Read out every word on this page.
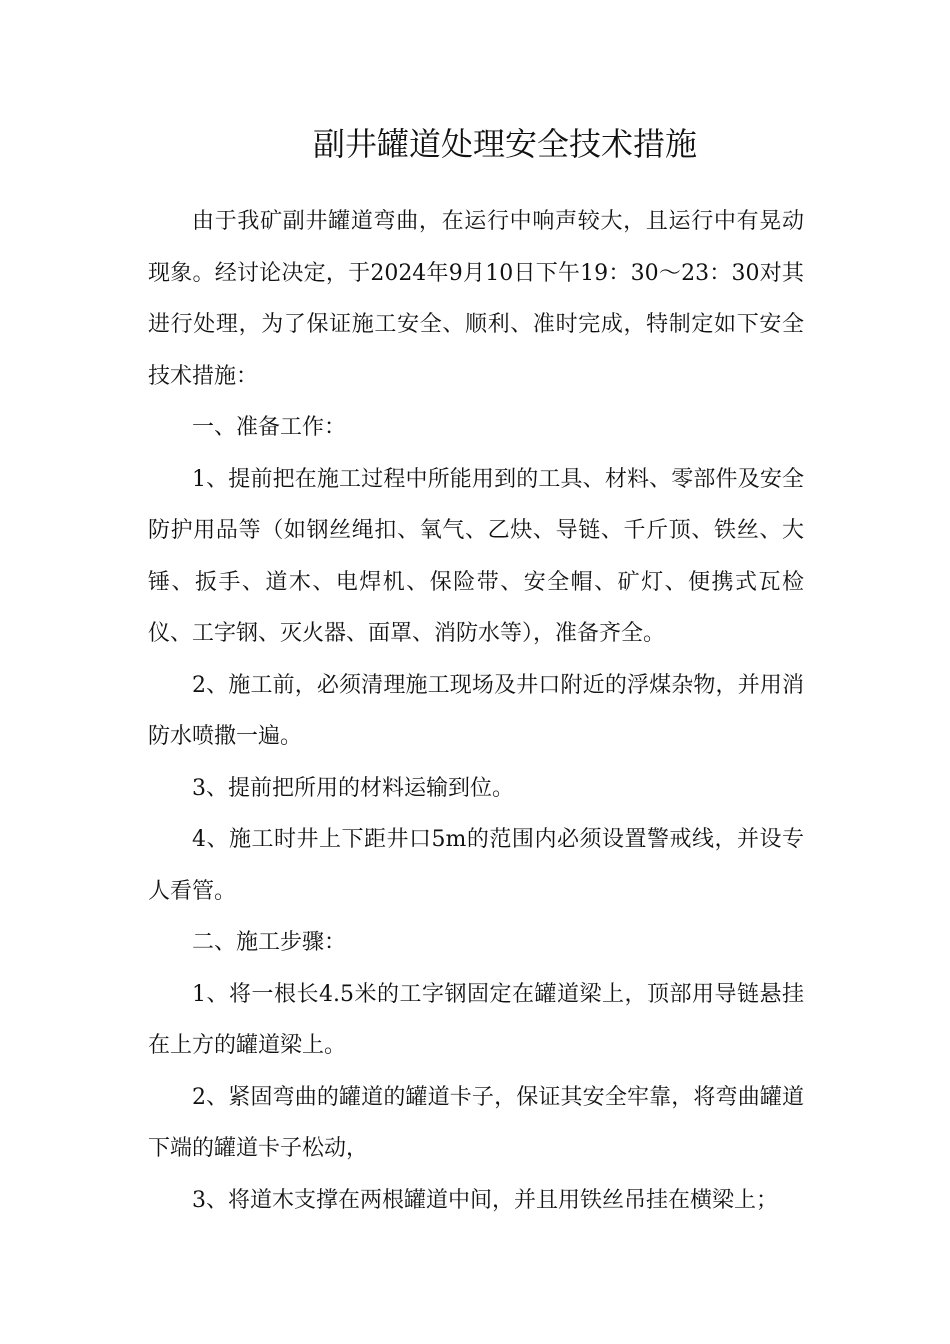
副井罐道处理安全技术措施

由于我矿副井罐道弯曲，在运行中响声较大，且运行中有晃动现象。经讨论决定，于2024年9月10日下午19：30～23：30对其进行处理，为了保证施工安全、顺利、准时完成，特制定如下安全技术措施：

一、准备工作：

1、提前把在施工过程中所能用到的工具、材料、零部件及安全防护用品等（如钢丝绳扣、氧气、乙炔、导链、千斤顶、铁丝、大锤、扳手、道木、电焊机、保险带、安全帽、矿灯、便携式瓦检仪、工字钢、灭火器、面罩、消防水等），准备齐全。

2、施工前，必须清理施工现场及井口附近的浮煤杂物，并用消防水喷撒一遍。

3、提前把所用的材料运输到位。

4、施工时井上下距井口5m的范围内必须设置警戒线，并设专人看管。

二、施工步骤：

1、将一根长4.5米的工字钢固定在罐道梁上，顶部用导链悬挂在上方的罐道梁上。

2、紧固弯曲的罐道的罐道卡子，保证其安全牢靠，将弯曲罐道下端的罐道卡子松动，

3、将道木支撑在两根罐道中间，并且用铁丝吊挂在横梁上；
